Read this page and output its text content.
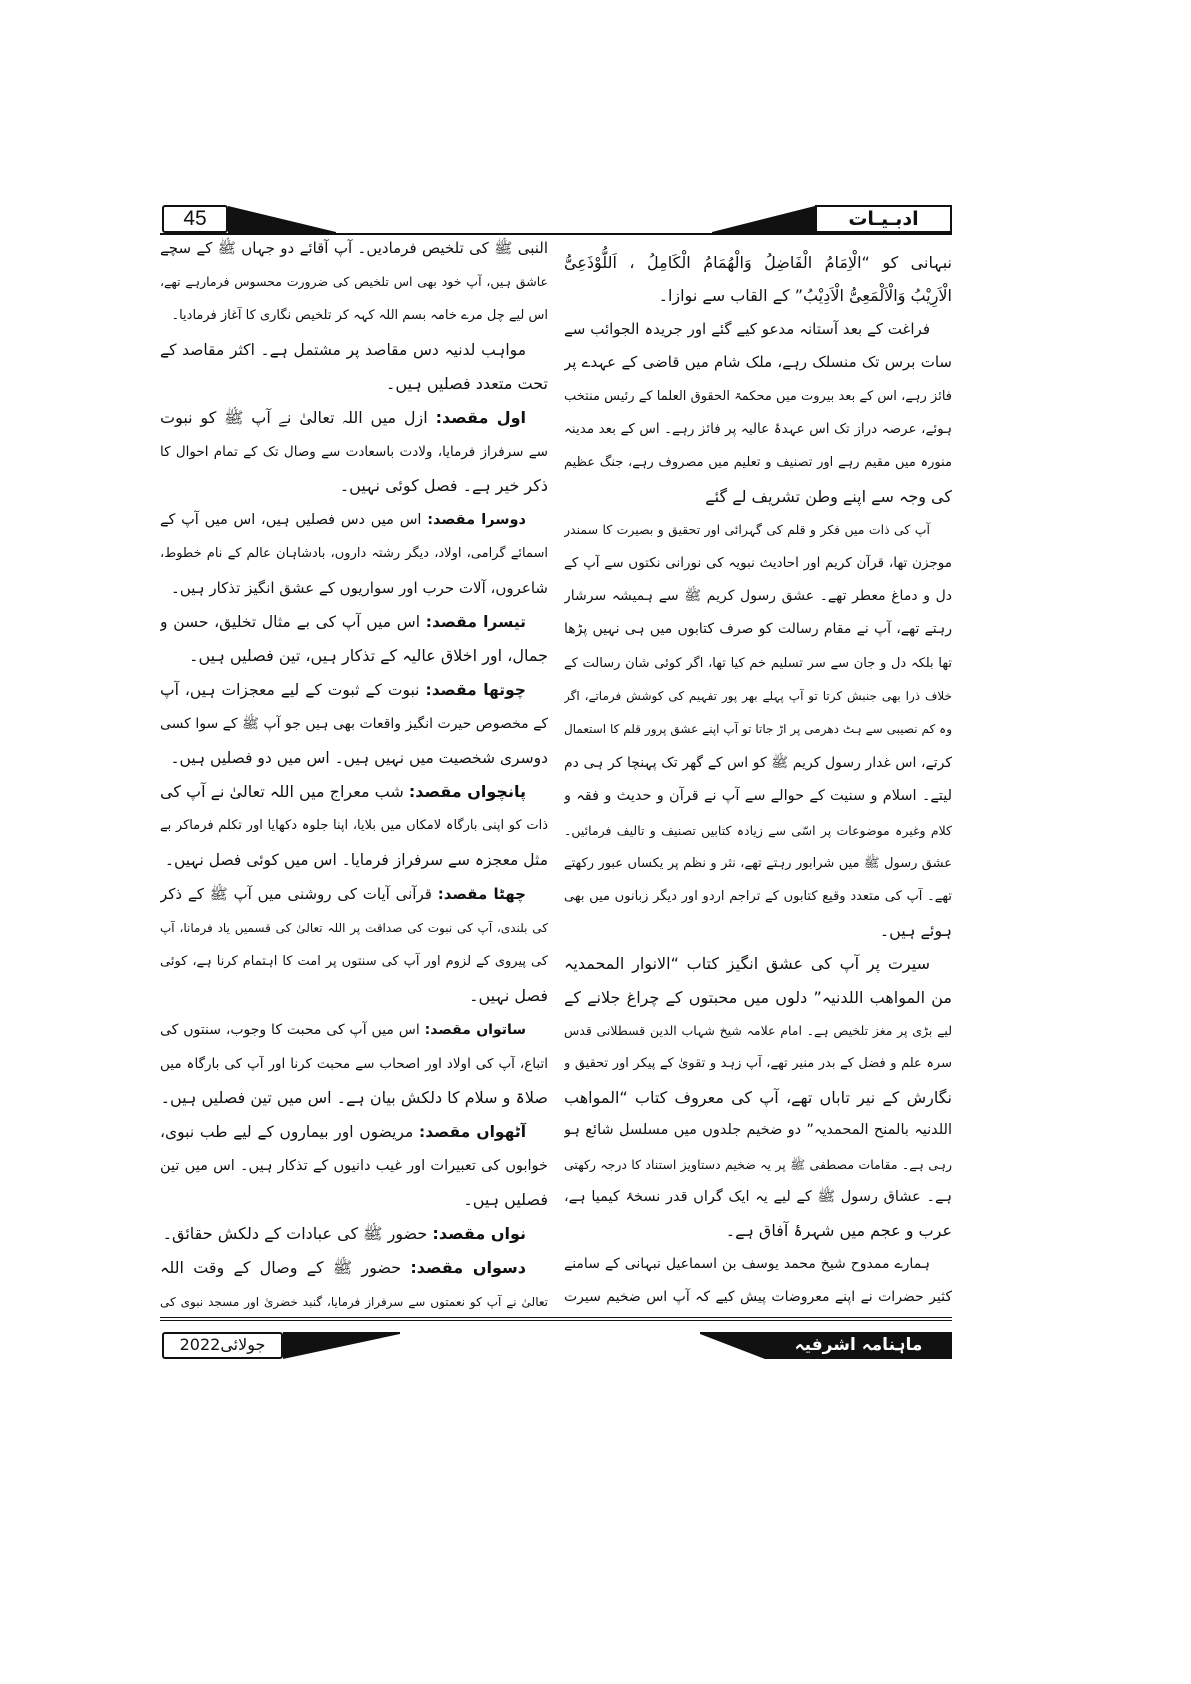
45	ادبـیـات
نبہانی کو “الْاِمَامُ الْفَاضِلُ وَالْهُمَامُ الْکَامِلُ ، اَللُّوْذَعِیُّ
الْاَرِیْبُ وَالْاَلْمَعِیُّ الْاَدِیْبُ” کے القاب سے نوازا۔
فراغت کے بعد آستانہ مدعو کیے گئے اور جریدہ الجوائب سے
سات برس تک منسلک رہے، ملک شام میں قاضی کے عہدے پر
فائز رہے، اس کے بعد بیروت میں محکمۃ الحقوق العلما کے رئیس منتخب
ہوئے، عرصہ دراز تک اس عہدۂ عالیہ پر فائز رہے۔ اس کے بعد مدینہ
منورہ میں مقیم رہے اور تصنیف و تعلیم میں مصروف رہے، جنگ عظیم
کی وجہ سے اپنے وطن تشریف لے گئے
آپ کی ذات میں فکر و قلم کی گہرائی اور تحقیق و بصیرت کا سمندر
موجزن تھا، قرآن کریم اور احادیث نبویہ کی نورانی نکتوں سے آپ کے
دل و دماغ معطر تھے۔ عشق رسول کریم ﷺ سے ہمیشہ سرشار
رہتے تھے، آپ نے مقام رسالت کو صرف کتابوں میں ہی نہیں پڑھا
تھا بلکہ دل و جان سے سر تسلیم خم کیا تھا، اگر کوئی شان رسالت کے
خلاف ذرا بھی جنبش کرتا تو آپ پہلے بھر پور تفہیم کی کوشش فرماتے، اگر
وہ کم نصیبی سے ہٹ دھرمی پر اڑ جاتا تو آپ اپنے عشق پرور قلم کا استعمال
کرتے، اس غدار رسول کریم ﷺ کو اس کے گھر تک پہنچا کر ہی دم
لیتے۔ اسلام و سنیت کے حوالے سے آپ نے قرآن و حدیث و فقہ و
کلام وغیرہ موضوعات پر اسّی سے زیادہ کتابیں تصنیف و تالیف فرمائیں۔
عشق رسول ﷺ میں شرابور رہتے تھے، نثر و نظم پر یکساں عبور رکھتے
تھے۔ آپ کی متعدد وقیع کتابوں کے تراجم اردو اور دیگر زبانوں میں بھی
ہوئے ہیں۔
سیرت پر آپ کی عشق انگیز کتاب “الانوار المحمدیہ
من المواھب اللدنیہ” دلوں میں محبتوں کے چراغ جلانے کے
لیے بڑی پر مغز تلخیص ہے۔ امام علامہ شیخ شہاب الدین قسطلانی قدس
سرہ علم و فضل کے بدر منیر تھے، آپ زہد و تقویٰ کے پیکر اور تحقیق و
نگارش کے نیر تاباں تھے، آپ کی معروف کتاب “المواھب
اللدنیہ بالمنح المحمدیہ” دو ضخیم جلدوں میں مسلسل شائع ہو
رہی ہے۔ مقامات مصطفی ﷺ پر یہ ضخیم دستاویز استناد کا درجہ رکھتی
ہے۔ عشاق رسول ﷺ کے لیے یہ ایک گراں قدر نسخۂ کیمیا ہے،
عرب و عجم میں شہرۂ آفاق ہے۔
ہمارے ممدوح شیخ محمد یوسف بن اسماعیل نبہانی کے سامنے
کثیر حضرات نے اپنے معروضات پیش کیے کہ آپ اس ضخیم سیرت
النبی ﷺ کی تلخیص فرمادیں۔ آپ آقائے دو جہاں ﷺ کے سچے
عاشق ہیں، آپ خود بھی اس تلخیص کی ضرورت محسوس فرمارہے تھے،
اس لیے چل مرے خامہ بسم اللہ کہہ کر تلخیص نگاری کا آغاز فرمادیا۔
مواہب لدنیہ دس مقاصد پر مشتمل ہے۔ اکثر مقاصد کے
تحت متعدد فصلیں ہیں۔
اول مقصد: ازل میں اللہ تعالیٰ نے آپ ﷺ کو نبوت
سے سرفراز فرمایا، ولادت باسعادت سے وصال تک کے تمام احوال کا
ذکر خیر ہے۔ فصل کوئی نہیں۔
دوسرا مقصد: اس میں دس فصلیں ہیں، اس میں آپ کے
اسمائے گرامی، اولاد، دیگر رشتہ داروں، بادشاہان عالم کے نام خطوط،
شاعروں، آلات حرب اور سواریوں کے عشق انگیز تذکار ہیں۔
تیسرا مقصد: اس میں آپ کی بے مثال تخلیق، حسن و
جمال، اور اخلاق عالیہ کے تذکار ہیں، تین فصلیں ہیں۔
چوتھا مقصد: نبوت کے ثبوت کے لیے معجزات ہیں، آپ
کے مخصوص حیرت انگیز واقعات بھی ہیں جو آپ ﷺ کے سوا کسی
دوسری شخصیت میں نہیں ہیں۔ اس میں دو فصلیں ہیں۔
پانچواں مقصد: شب معراج میں اللہ تعالیٰ نے آپ کی
ذات کو اپنی بارگاہ لامکاں میں بلایا، اپنا جلوہ دکھایا اور تکلم فرماکر بے
مثل معجزہ سے سرفراز فرمایا۔ اس میں کوئی فصل نہیں۔
چھٹا مقصد: قرآنی آیات کی روشنی میں آپ ﷺ کے ذکر
کی بلندی، آپ کی نبوت کی صداقت پر اللہ تعالیٰ کی قسمیں یاد فرمانا، آپ
کی پیروی کے لزوم اور آپ کی سنتوں پر امت کا اہتمام کرنا ہے، کوئی
فصل نہیں۔
ساتواں مقصد: اس میں آپ کی محبت کا وجوب، سنتوں کی
اتباع، آپ کی اولاد اور اصحاب سے محبت کرنا اور آپ کی بارگاہ میں
صلاۃ و سلام کا دلکش بیان ہے۔ اس میں تین فصلیں ہیں۔
آٹھواں مقصد: مریضوں اور بیماروں کے لیے طب نبوی،
خوابوں کی تعبیرات اور غیب دانیوں کے تذکار ہیں۔ اس میں تین
فصلیں ہیں۔
نواں مقصد: حضور ﷺ کی عبادات کے دلکش حقائق۔
دسواں مقصد: حضور ﷺ کے وصال کے وقت اللہ
تعالیٰ نے آپ کو نعمتوں سے سرفراز فرمایا، گنبد خضریٰ اور مسجد نبوی کی
جولائی2022	ماہنامہ اشرفیہ
